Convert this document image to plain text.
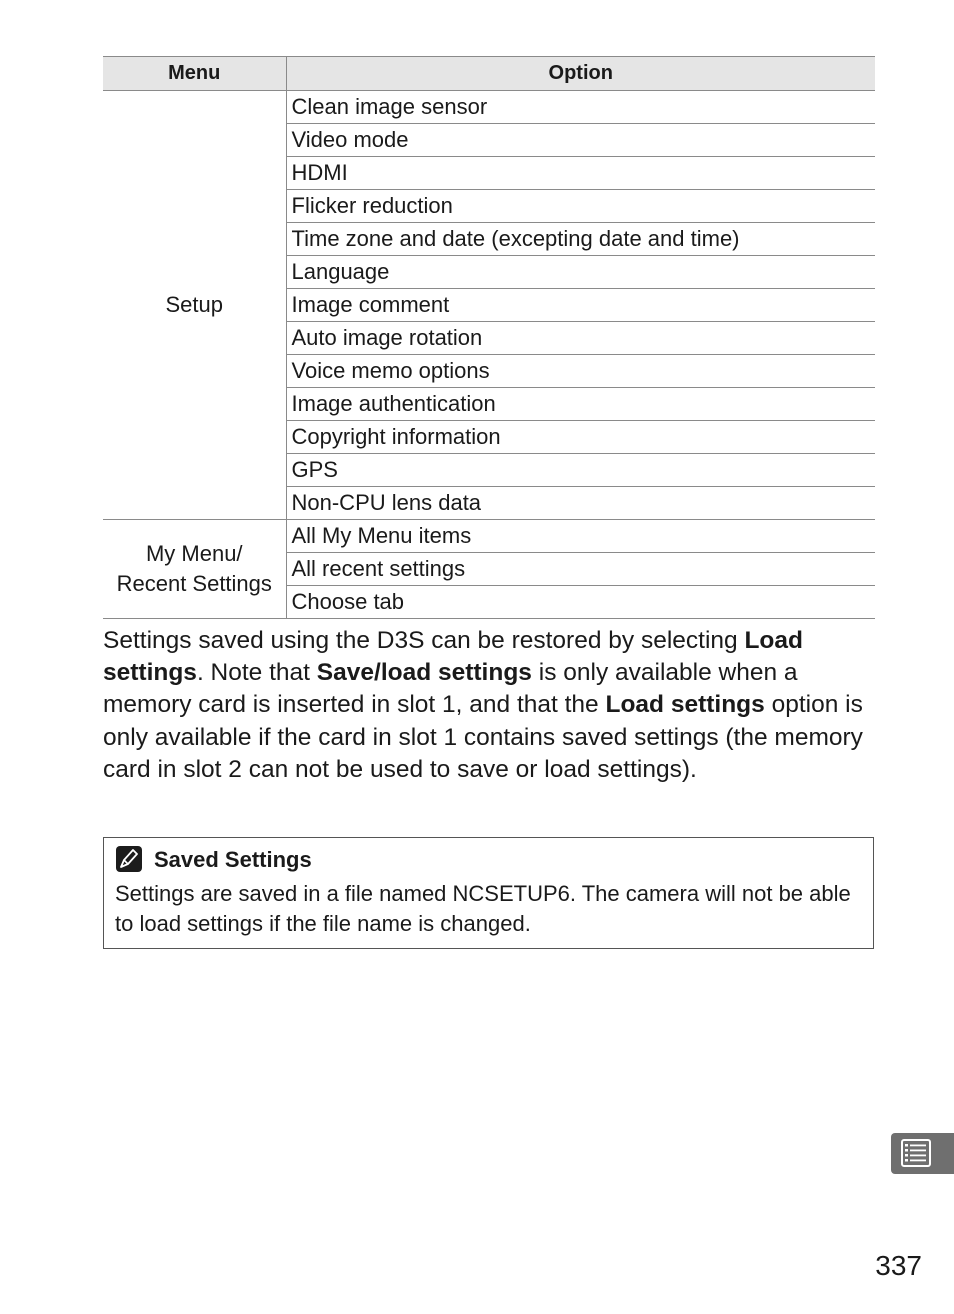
Menu	Option
Setup	Clean image sensor
	Video mode
	HDMI
	Flicker reduction
	Time zone and date (excepting date and time)
	Language
	Image comment
	Auto image rotation
	Voice memo options
	Image authentication
	Copyright information
	GPS
	Non-CPU lens data
My Menu/
Recent Settings	All My Menu items
	All recent settings
	Choose tab

Settings saved using the D3S can be restored by selecting Load settings. Note that Save/load settings is only available when a memory card is inserted in slot 1, and that the Load settings option is only available if the card in slot 1 contains saved settings (the memory card in slot 2 can not be used to save or load settings).

Saved Settings

Settings are saved in a file named NCSETUP6. The camera will not be able to load settings if the file name is changed.

337
